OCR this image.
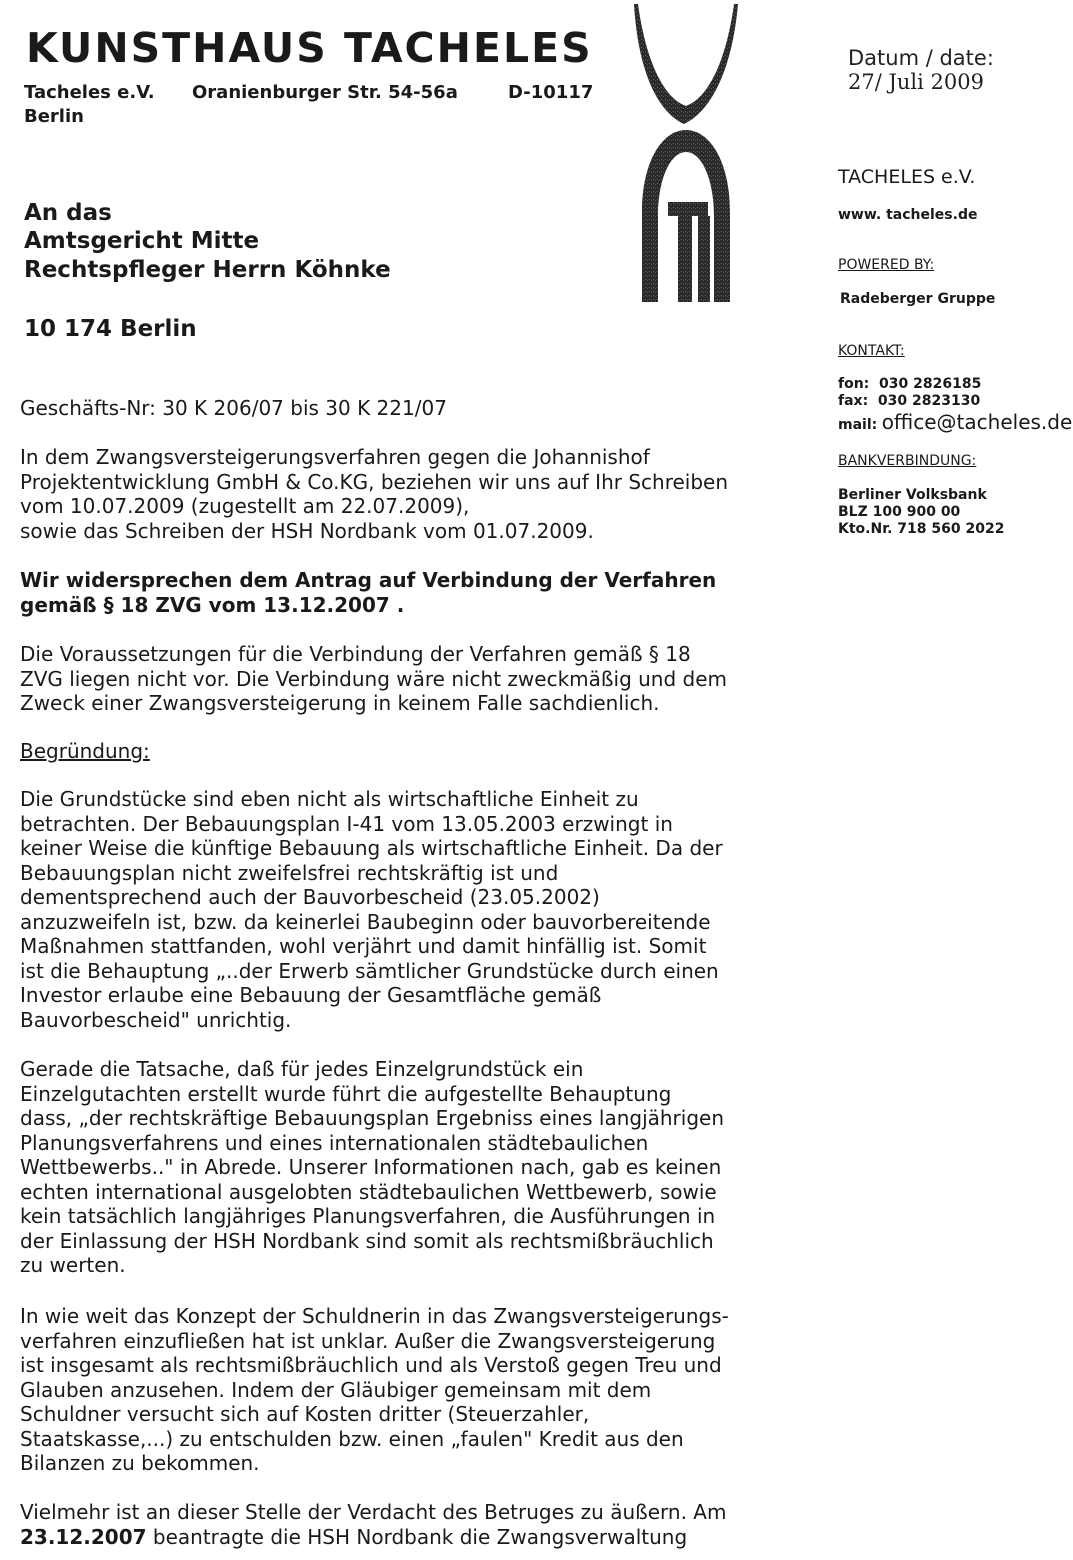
KUNSTHAUS TACHELES
Tacheles e.V. Oranienburger Str. 54-56a	D-10117
Berlin
Datum / date:
27/ Juli 2009
TACHELES e.V.
www. tacheles.de
POWERED BY:
Radeberger Gruppe
KONTAKT:
fon:  030 2826185
fax:  030 2823130
mail: office@tacheles.de
BANKVERBINDUNG:
Berliner Volksbank
BLZ 100 900 00
Kto.Nr. 718 560 2022
An das
Amtsgericht Mitte
Rechtspfleger Herrn Köhnke
10 174 Berlin
Geschäfts-Nr: 30 K 206/07 bis 30 K 221/07

In dem Zwangsversteigerungsverfahren gegen die Johannishof

Projektentwicklung GmbH & Co.KG, beziehen wir uns auf Ihr Schreiben

vom 10.07.2009 (zugestellt am 22.07.2009),

sowie das Schreiben der HSH Nordbank vom 01.07.2009.

Wir widersprechen dem Antrag auf Verbindung der Verfahren

gemäß § 18 ZVG vom 13.12.2007 .

Die Voraussetzungen für die Verbindung der Verfahren gemäß § 18

ZVG liegen nicht vor. Die Verbindung wäre nicht zweckmäßig und dem

Zweck einer Zwangsversteigerung in keinem Falle sachdienlich.

Begründung:

Die Grundstücke sind eben nicht als wirtschaftliche Einheit zu

betrachten. Der Bebauungsplan I-41 vom 13.05.2003 erzwingt in

keiner Weise die künftige Bebauung als wirtschaftliche Einheit. Da der

Bebauungsplan nicht zweifelsfrei rechtskräftig ist und

dementsprechend auch der Bauvorbescheid (23.05.2002)

anzuzweifeln ist, bzw. da keinerlei Baubeginn oder bauvorbereitende

Maßnahmen stattfanden, wohl verjährt und damit hinfällig ist. Somit

ist die Behauptung „..der Erwerb sämtlicher Grundstücke durch einen

Investor erlaube eine Bebauung der Gesamtfläche gemäß

Bauvorbescheid" unrichtig.

Gerade die Tatsache, daß für jedes Einzelgrundstück ein

Einzelgutachten erstellt wurde führt die aufgestellte Behauptung

dass, „der rechtskräftige Bebauungsplan Ergebniss eines langjährigen

Planungsverfahrens und eines internationalen städtebaulichen

Wettbewerbs.." in Abrede. Unserer Informationen nach, gab es keinen

echten international ausgelobten städtebaulichen Wettbewerb, sowie

kein tatsächlich langjähriges Planungsverfahren, die Ausführungen in

der Einlassung der HSH Nordbank sind somit als rechtsmißbräuchlich

zu werten.

In wie weit das Konzept der Schuldnerin in das Zwangsversteigerungs-

verfahren einzufließen hat ist unklar. Außer die Zwangsversteigerung

ist insgesamt als rechtsmißbräuchlich und als Verstoß gegen Treu und

Glauben anzusehen. Indem der Gläubiger gemeinsam mit dem

Schuldner versucht sich auf Kosten dritter (Steuerzahler,

Staatskasse,...) zu entschulden bzw. einen „faulen" Kredit aus den

Bilanzen zu bekommen.

Vielmehr ist an dieser Stelle der Verdacht des Betruges zu äußern. Am

23.12.2007 beantragte die HSH Nordbank die Zwangsverwaltung
